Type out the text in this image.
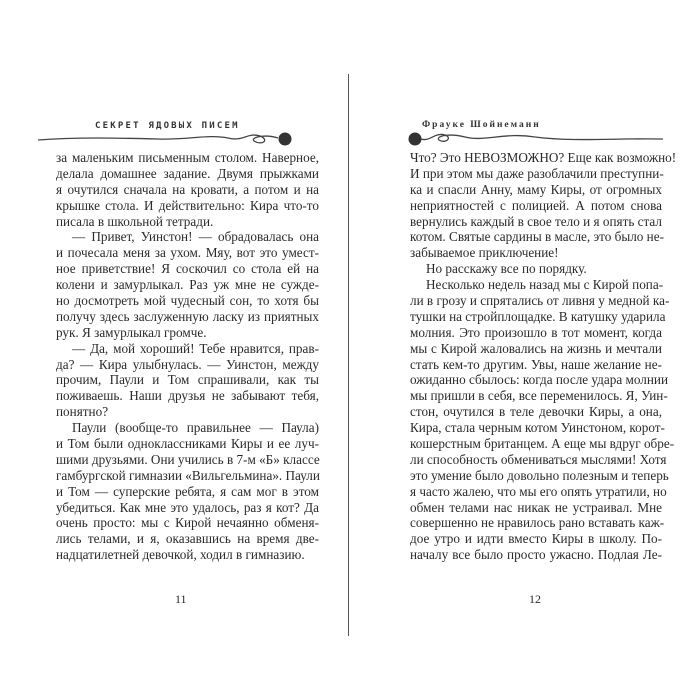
СЕКРЕТ ЯДОВЫХ ПИСЕМ	Фрауке Шойнеманн
за маленьким письменным столом. Наверное,
делала домашнее задание. Двумя прыжками
я очутился сначала на кровати, а потом и на
крышке стола. И действительно: Кира что-то
писала в школьной тетради.
— Привет, Уинстон! — обрадовалась она
и почесала меня за ухом. Мяу, вот это умест-
ное приветствие! Я соскочил со стола ей на
колени и замурлыкал. Раз уж мне не сужде-
но досмотреть мой чудесный сон, то хотя бы
получу здесь заслуженную ласку из приятных
рук. Я замурлыкал громче.
— Да, мой хороший! Тебе нравится, прав-
да? — Кира улыбнулась. — Уинстон, между
прочим, Паули и Том спрашивали, как ты
поживаешь. Наши друзья не забывают тебя,
понятно?
Паули (вообще-то правильнее — Паула)
и Том были одноклассниками Киры и ее луч-
шими друзьями. Они учились в 7-м «Б» классе
гамбургской гимназии «Вильгельмина». Паули
и Том — суперские ребята, я сам мог в этом
убедиться. Как мне это удалось, раз я кот? Да
очень просто: мы с Кирой нечаянно обменя-
лись телами, и я, оказавшись на время две-
надцатилетней девочкой, ходил в гимназию.
Что? Это НЕВОЗМОЖНО? Еще как возможно!
И при этом мы даже разоблачили преступни-
ка и спасли Анну, маму Киры, от огромных
неприятностей с полицией. А потом снова
вернулись каждый в свое тело и я опять стал
котом. Святые сардины в масле, это было не-
забываемое приключение!
Но расскажу все по порядку.
Несколько недель назад мы с Кирой попа-
ли в грозу и спрятались от ливня у медной ка-
тушки на стройплощадке. В катушку ударила
молния. Это произошло в тот момент, когда
мы с Кирой жаловались на жизнь и мечтали
стать кем-то другим. Увы, наше желание не-
ожиданно сбылось: когда после удара молнии
мы пришли в себя, все переменилось. Я, Уин-
стон, очутился в теле девочки Киры, а она,
Кира, стала черным котом Уинстоном, корот-
кошерстным британцем. А еще мы вдруг обре-
ли способность обмениваться мыслями! Хотя
это умение было довольно полезным и теперь
я часто жалею, что мы его опять утратили, но
обмен телами нас никак не устраивал. Мне
совершенно не нравилось рано вставать каж-
дое утро и идти вместо Киры в школу. По-
началу все было просто ужасно. Подлая Ле-
11	12
